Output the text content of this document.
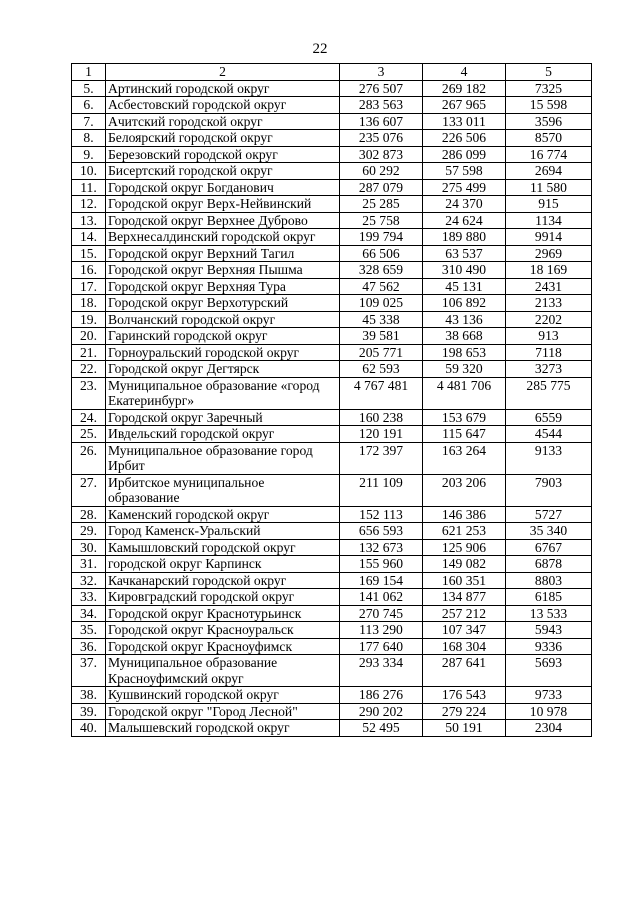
22
1	2	3	4	5
5.	Артинский городской округ	276 507	269 182	7325
6.	Асбестовский городской округ	283 563	267 965	15 598
7.	Ачитский городской округ	136 607	133 011	3596
8.	Белоярский городской округ	235 076	226 506	8570
9.	Березовский городской округ	302 873	286 099	16 774
10.	Бисертский городской округ	60 292	57 598	2694
11.	Городской округ Богданович	287 079	275 499	11 580
12.	Городской округ Верх-Нейвинский	25 285	24 370	915
13.	Городской округ Верхнее Дуброво	25 758	24 624	1134
14.	Верхнесалдинский городской округ	199 794	189 880	9914
15.	Городской округ Верхний Тагил	66 506	63 537	2969
16.	Городской округ Верхняя Пышма	328 659	310 490	18 169
17.	Городской округ Верхняя Тура	47 562	45 131	2431
18.	Городской округ Верхотурский	109 025	106 892	2133
19.	Волчанский городской округ	45 338	43 136	2202
20.	Гаринский городской округ	39 581	38 668	913
21.	Горноуральский городской округ	205 771	198 653	7118
22.	Городской округ Дегтярск	62 593	59 320	3273
23.	Муниципальное образование «город Екатеринбург»	4 767 481	4 481 706	285 775
24.	Городской округ Заречный	160 238	153 679	6559
25.	Ивдельский городской округ	120 191	115 647	4544
26.	Муниципальное образование город Ирбит	172 397	163 264	9133
27.	Ирбитское муниципальное образование	211 109	203 206	7903
28.	Каменский городской округ	152 113	146 386	5727
29.	Город Каменск-Уральский	656 593	621 253	35 340
30.	Камышловский городской округ	132 673	125 906	6767
31.	городской округ Карпинск	155 960	149 082	6878
32.	Качканарский городской округ	169 154	160 351	8803
33.	Кировградский городской округ	141 062	134 877	6185
34.	Городской округ Краснотурьинск	270 745	257 212	13 533
35.	Городской округ Красноуральск	113 290	107 347	5943
36.	Городской округ Красноуфимск	177 640	168 304	9336
37.	Муниципальное образование Красноуфимский округ	293 334	287 641	5693
38.	Кушвинский городской округ	186 276	176 543	9733
39.	Городской округ "Город Лесной"	290 202	279 224	10 978
40.	Малышевский городской округ	52 495	50 191	2304
